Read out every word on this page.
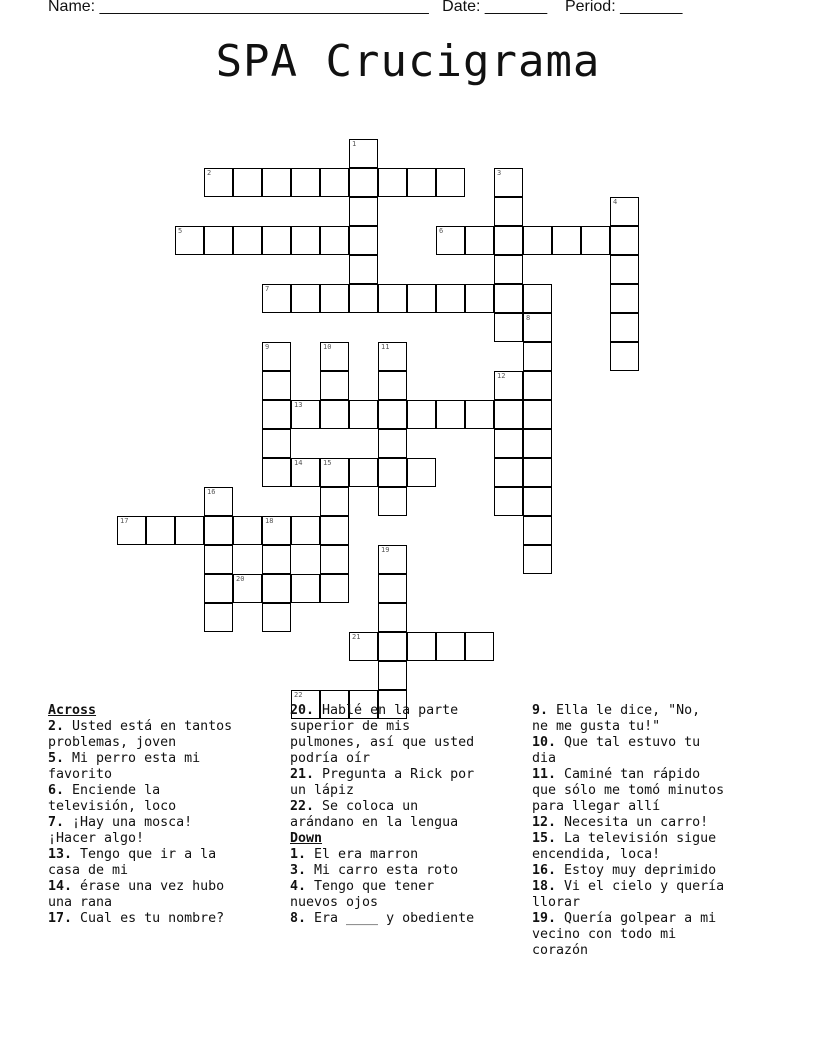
Name: _____________________________________ Date: _______ Period: _______
SPA Crucigrama
1
2	3
4
5	6
7
8
9	10	11
12
13
14	15
16
17	18
19
20
21
22
Across
2. Usted está en tantos
problemas, joven
5. Mi perro esta mi
favorito
6. Enciende la
televisión, loco
7. ¡Hay una mosca!
¡Hacer algo!
13. Tengo que ir a la
casa de mi
14. érase una vez hubo
una rana
17. Cual es tu nombre?
20. Hablé en la parte
superior de mis
pulmones, así que usted
podría oír
21. Pregunta a Rick por
un lápiz
22. Se coloca un
arándano en la lengua
Down
1. El era marron
3. Mi carro esta roto
4. Tengo que tener
nuevos ojos
8. Era ____ y obediente
9. Ella le dice, "No,
ne me gusta tu!"
10. Que tal estuvo tu
dia
11. Caminé tan rápido
que sólo me tomó minutos
para llegar allí
12. Necesita un carro!
15. La televisión sigue
encendida, loca!
16. Estoy muy deprimido
18. Vi el cielo y quería
llorar
19. Quería golpear a mi
vecino con todo mi
corazón
